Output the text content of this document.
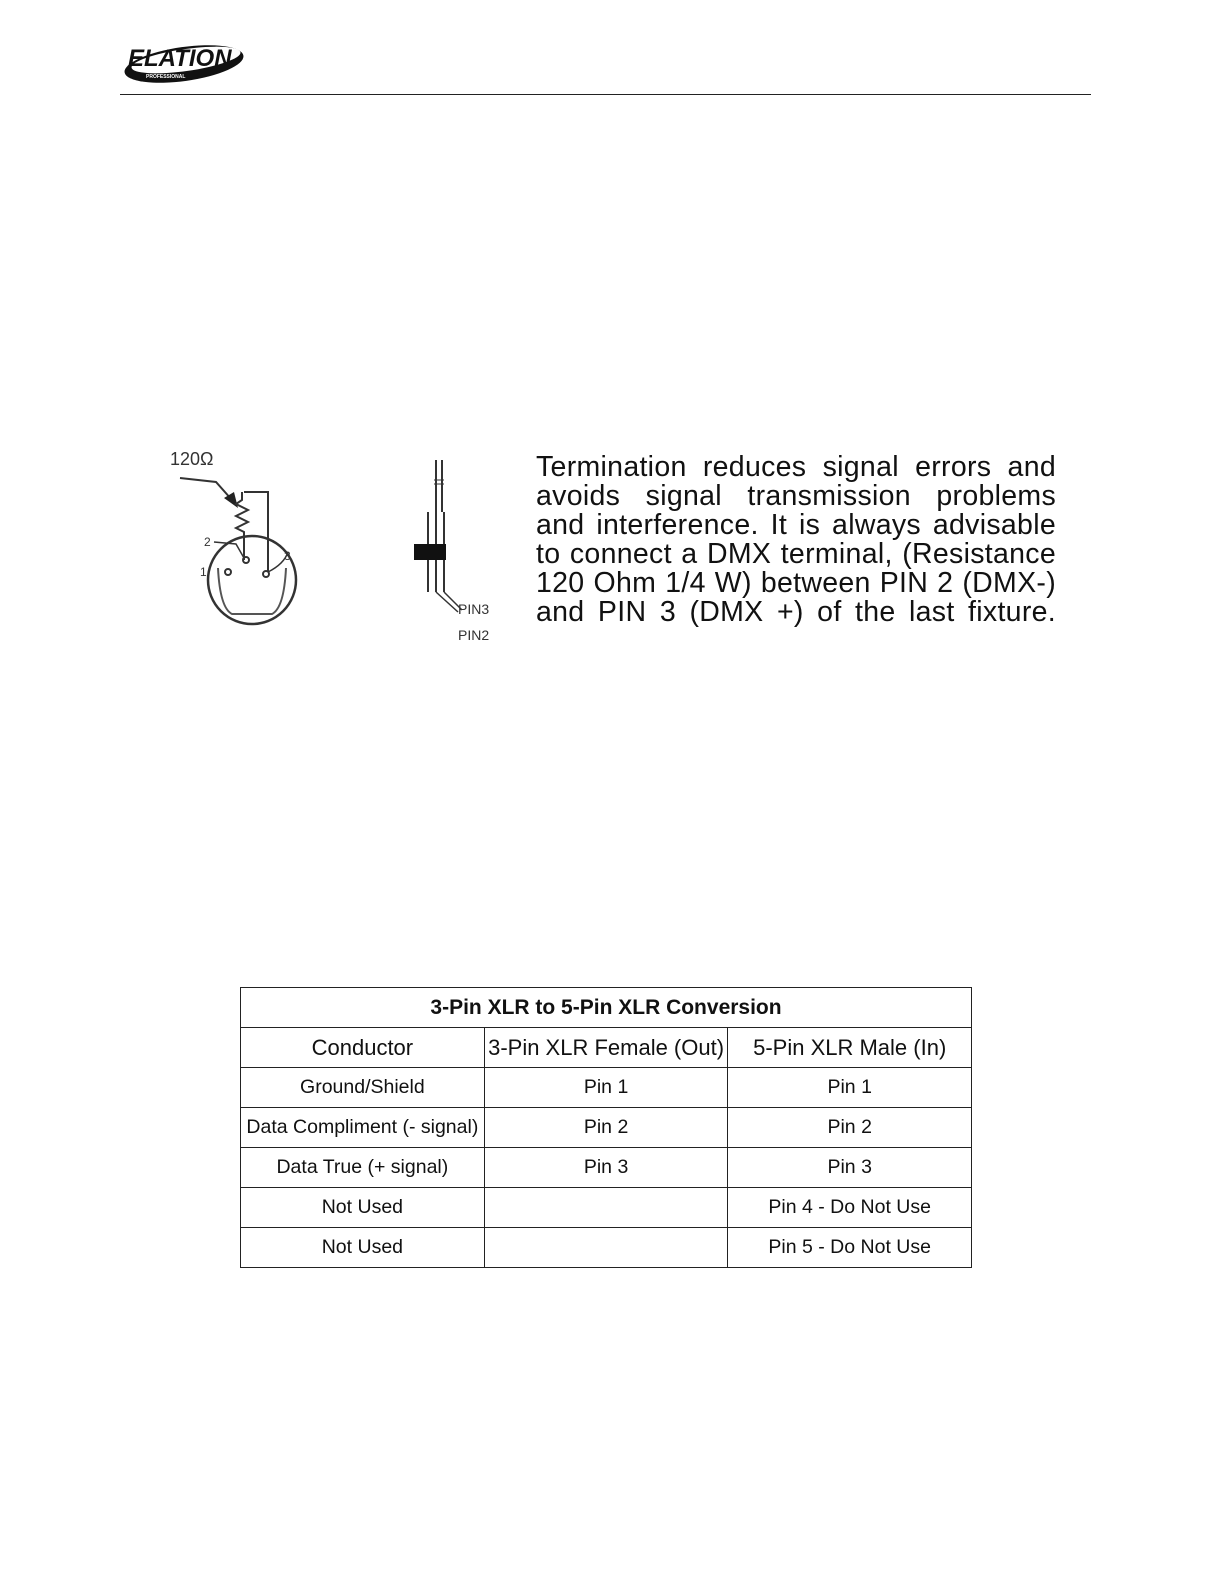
ELATION
PROFESSIONAL
120Ω
2
1
3
PIN3
PIN2
Termination reduces signal errors and
avoids signal transmission problems
and interference. It is always advisable
to connect a DMX terminal, (Resistance
120 Ohm 1/4 W) between PIN 2 (DMX-)
and PIN 3 (DMX +) of the last fixture.
3-Pin XLR to 5-Pin XLR Conversion		
Conductor	3-Pin XLR Female (Out)	5-Pin XLR Male (In)
Ground/Shield	Pin 1	Pin 1
Data Compliment (- signal)	Pin 2	Pin 2
Data True (+ signal)	Pin 3	Pin 3
Not Used		Pin 4 - Do Not Use
Not Used		Pin 5 - Do Not Use
